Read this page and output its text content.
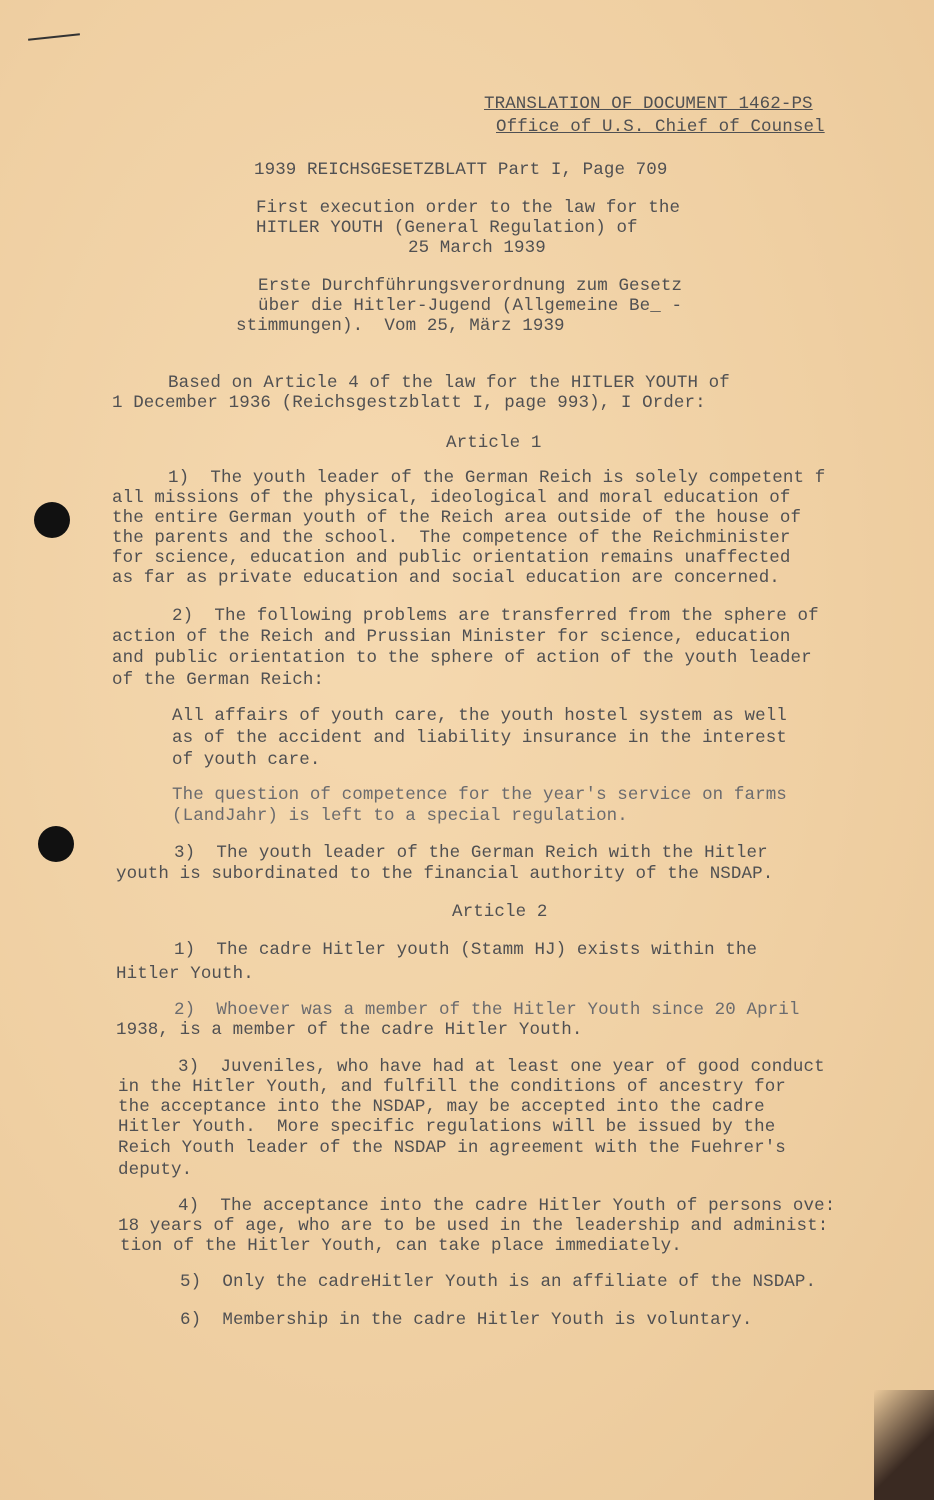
TRANSLATION OF DOCUMENT 1462-PS
Office of U.S. Chief of Counsel
1939 REICHSGESETZBLATT Part I, Page 709
First execution order to the law for the
HITLER YOUTH (General Regulation) of
25 March 1939
Erste Durchführungsverordnung zum Gesetz
über die Hitler-Jugend (Allgemeine Be_ -
stimmungen).  Vom 25, März 1939
Based on Article 4 of the law for the HITLER YOUTH of
1 December 1936 (Reichsgestzblatt I, page 993), I Order:
Article 1
1)  The youth leader of the German Reich is solely competent f
all missions of the physical, ideological and moral education of
the entire German youth of the Reich area outside of the house of
the parents and the school.  The competence of the Reichminister
for science, education and public orientation remains unaffected
as far as private education and social education are concerned.
2)  The following problems are transferred from the sphere of
action of the Reich and Prussian Minister for science, education
and public orientation to the sphere of action of the youth leader
of the German Reich:
All affairs of youth care, the youth hostel system as well
as of the accident and liability insurance in the interest
of youth care.
The question of competence for the year's service on farms
(LandJahr) is left to a special regulation.
3)  The youth leader of the German Reich with the Hitler
youth is subordinated to the financial authority of the NSDAP.
Article 2
1)  The cadre Hitler youth (Stamm HJ) exists within the
Hitler Youth.
2)  Whoever was a member of the Hitler Youth since 20 April
1938, is a member of the cadre Hitler Youth.
3)  Juveniles, who have had at least one year of good conduct
in the Hitler Youth, and fulfill the conditions of ancestry for
the acceptance into the NSDAP, may be accepted into the cadre
Hitler Youth.  More specific regulations will be issued by the
Reich Youth leader of the NSDAP in agreement with the Fuehrer's
deputy.
4)  The acceptance into the cadre Hitler Youth of persons ove:
18 years of age, who are to be used in the leadership and administ:
tion of the Hitler Youth, can take place immediately.
5)  Only the cadreHitler Youth is an affiliate of the NSDAP.
6)  Membership in the cadre Hitler Youth is voluntary.
